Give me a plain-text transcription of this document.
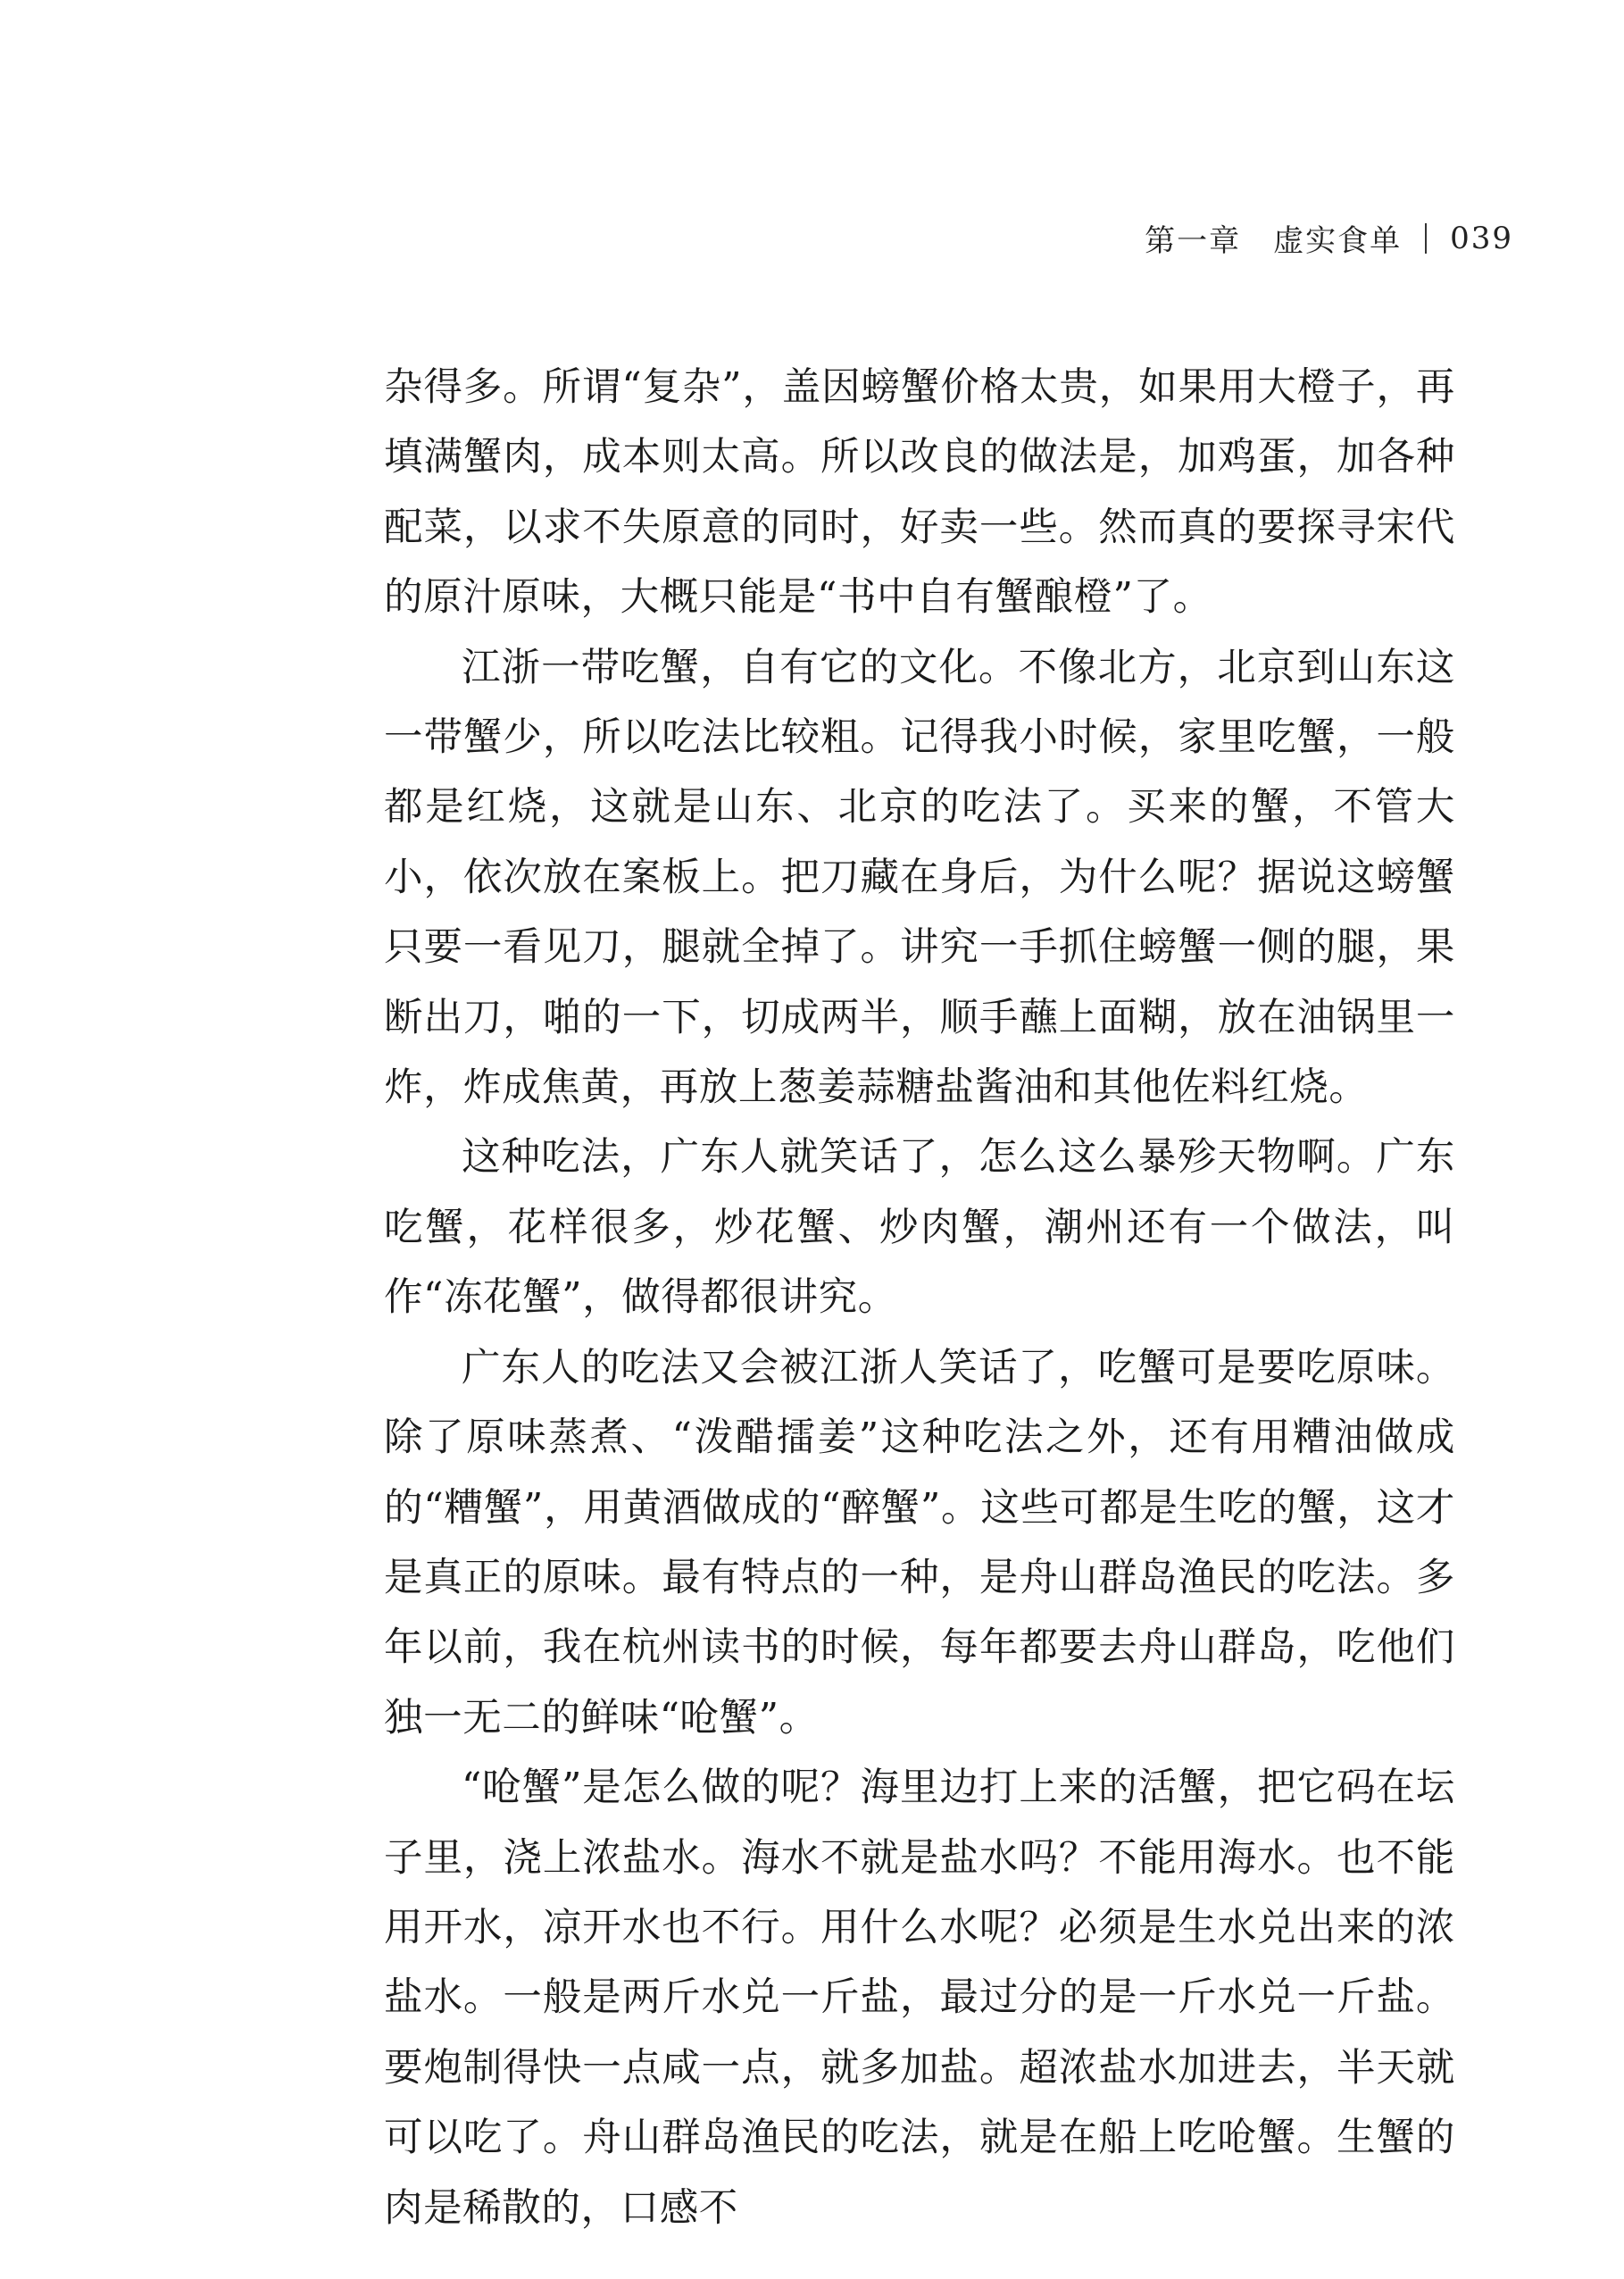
第一章 虚实食单 039

杂得多。所谓“复杂”，盖因螃蟹价格太贵，如果用大橙子，再填满蟹肉，成本则太高。所以改良的做法是，加鸡蛋，加各种配菜，以求不失原意的同时，好卖一些。然而真的要探寻宋代的原汁原味，大概只能是“书中自有蟹酿橙”了。

江浙一带吃蟹，自有它的文化。不像北方，北京到山东这一带蟹少，所以吃法比较粗。记得我小时候，家里吃蟹，一般都是红烧，这就是山东、北京的吃法了。买来的蟹，不管大小，依次放在案板上。把刀藏在身后，为什么呢？据说这螃蟹只要一看见刀，腿就全掉了。讲究一手抓住螃蟹一侧的腿，果断出刀，啪的一下，切成两半，顺手蘸上面糊，放在油锅里一炸，炸成焦黄，再放上葱姜蒜糖盐酱油和其他佐料红烧。

这种吃法，广东人就笑话了，怎么这么暴殄天物啊。广东吃蟹，花样很多，炒花蟹、炒肉蟹，潮州还有一个做法，叫作“冻花蟹”，做得都很讲究。

广东人的吃法又会被江浙人笑话了，吃蟹可是要吃原味。除了原味蒸煮、“泼醋擂姜”这种吃法之外，还有用糟油做成的“糟蟹”，用黄酒做成的“醉蟹”。这些可都是生吃的蟹，这才是真正的原味。最有特点的一种，是舟山群岛渔民的吃法。多年以前，我在杭州读书的时候，每年都要去舟山群岛，吃他们独一无二的鲜味“呛蟹”。

“呛蟹”是怎么做的呢？海里边打上来的活蟹，把它码在坛子里，浇上浓盐水。海水不就是盐水吗？不能用海水。也不能用开水，凉开水也不行。用什么水呢？必须是生水兑出来的浓盐水。一般是两斤水兑一斤盐，最过分的是一斤水兑一斤盐。要炮制得快一点咸一点，就多加盐。超浓盐水加进去，半天就可以吃了。舟山群岛渔民的吃法，就是在船上吃呛蟹。生蟹的肉是稀散的，口感不
